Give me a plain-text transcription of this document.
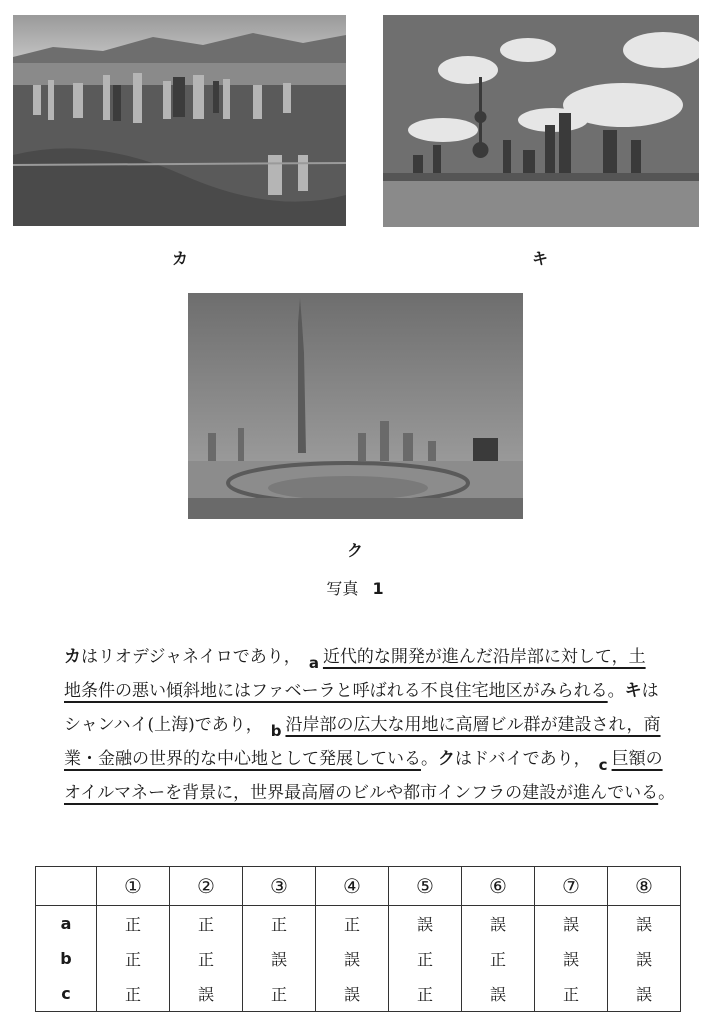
カ	キ
ク
写真 1
カはリオデジャネイロであり， a 近代的な開発が進んだ沿岸部に対して，土
地条件の悪い傾斜地にはファベーラと呼ばれる不良住宅地区がみられる。キは
シャンハイ(上海)であり， b 沿岸部の広大な用地に高層ビル群が建設され，商
業・金融の世界的な中心地として発展している。クはドバイであり， c 巨額の
オイルマネーを背景に，世界最高層のビルや都市インフラの建設が進んでいる。
	①	②	③	④	⑤	⑥	⑦	⑧
a	正	正	正	正	誤	誤	誤	誤
b	正	正	誤	誤	正	正	誤	誤
c	正	誤	正	誤	正	誤	正	誤
